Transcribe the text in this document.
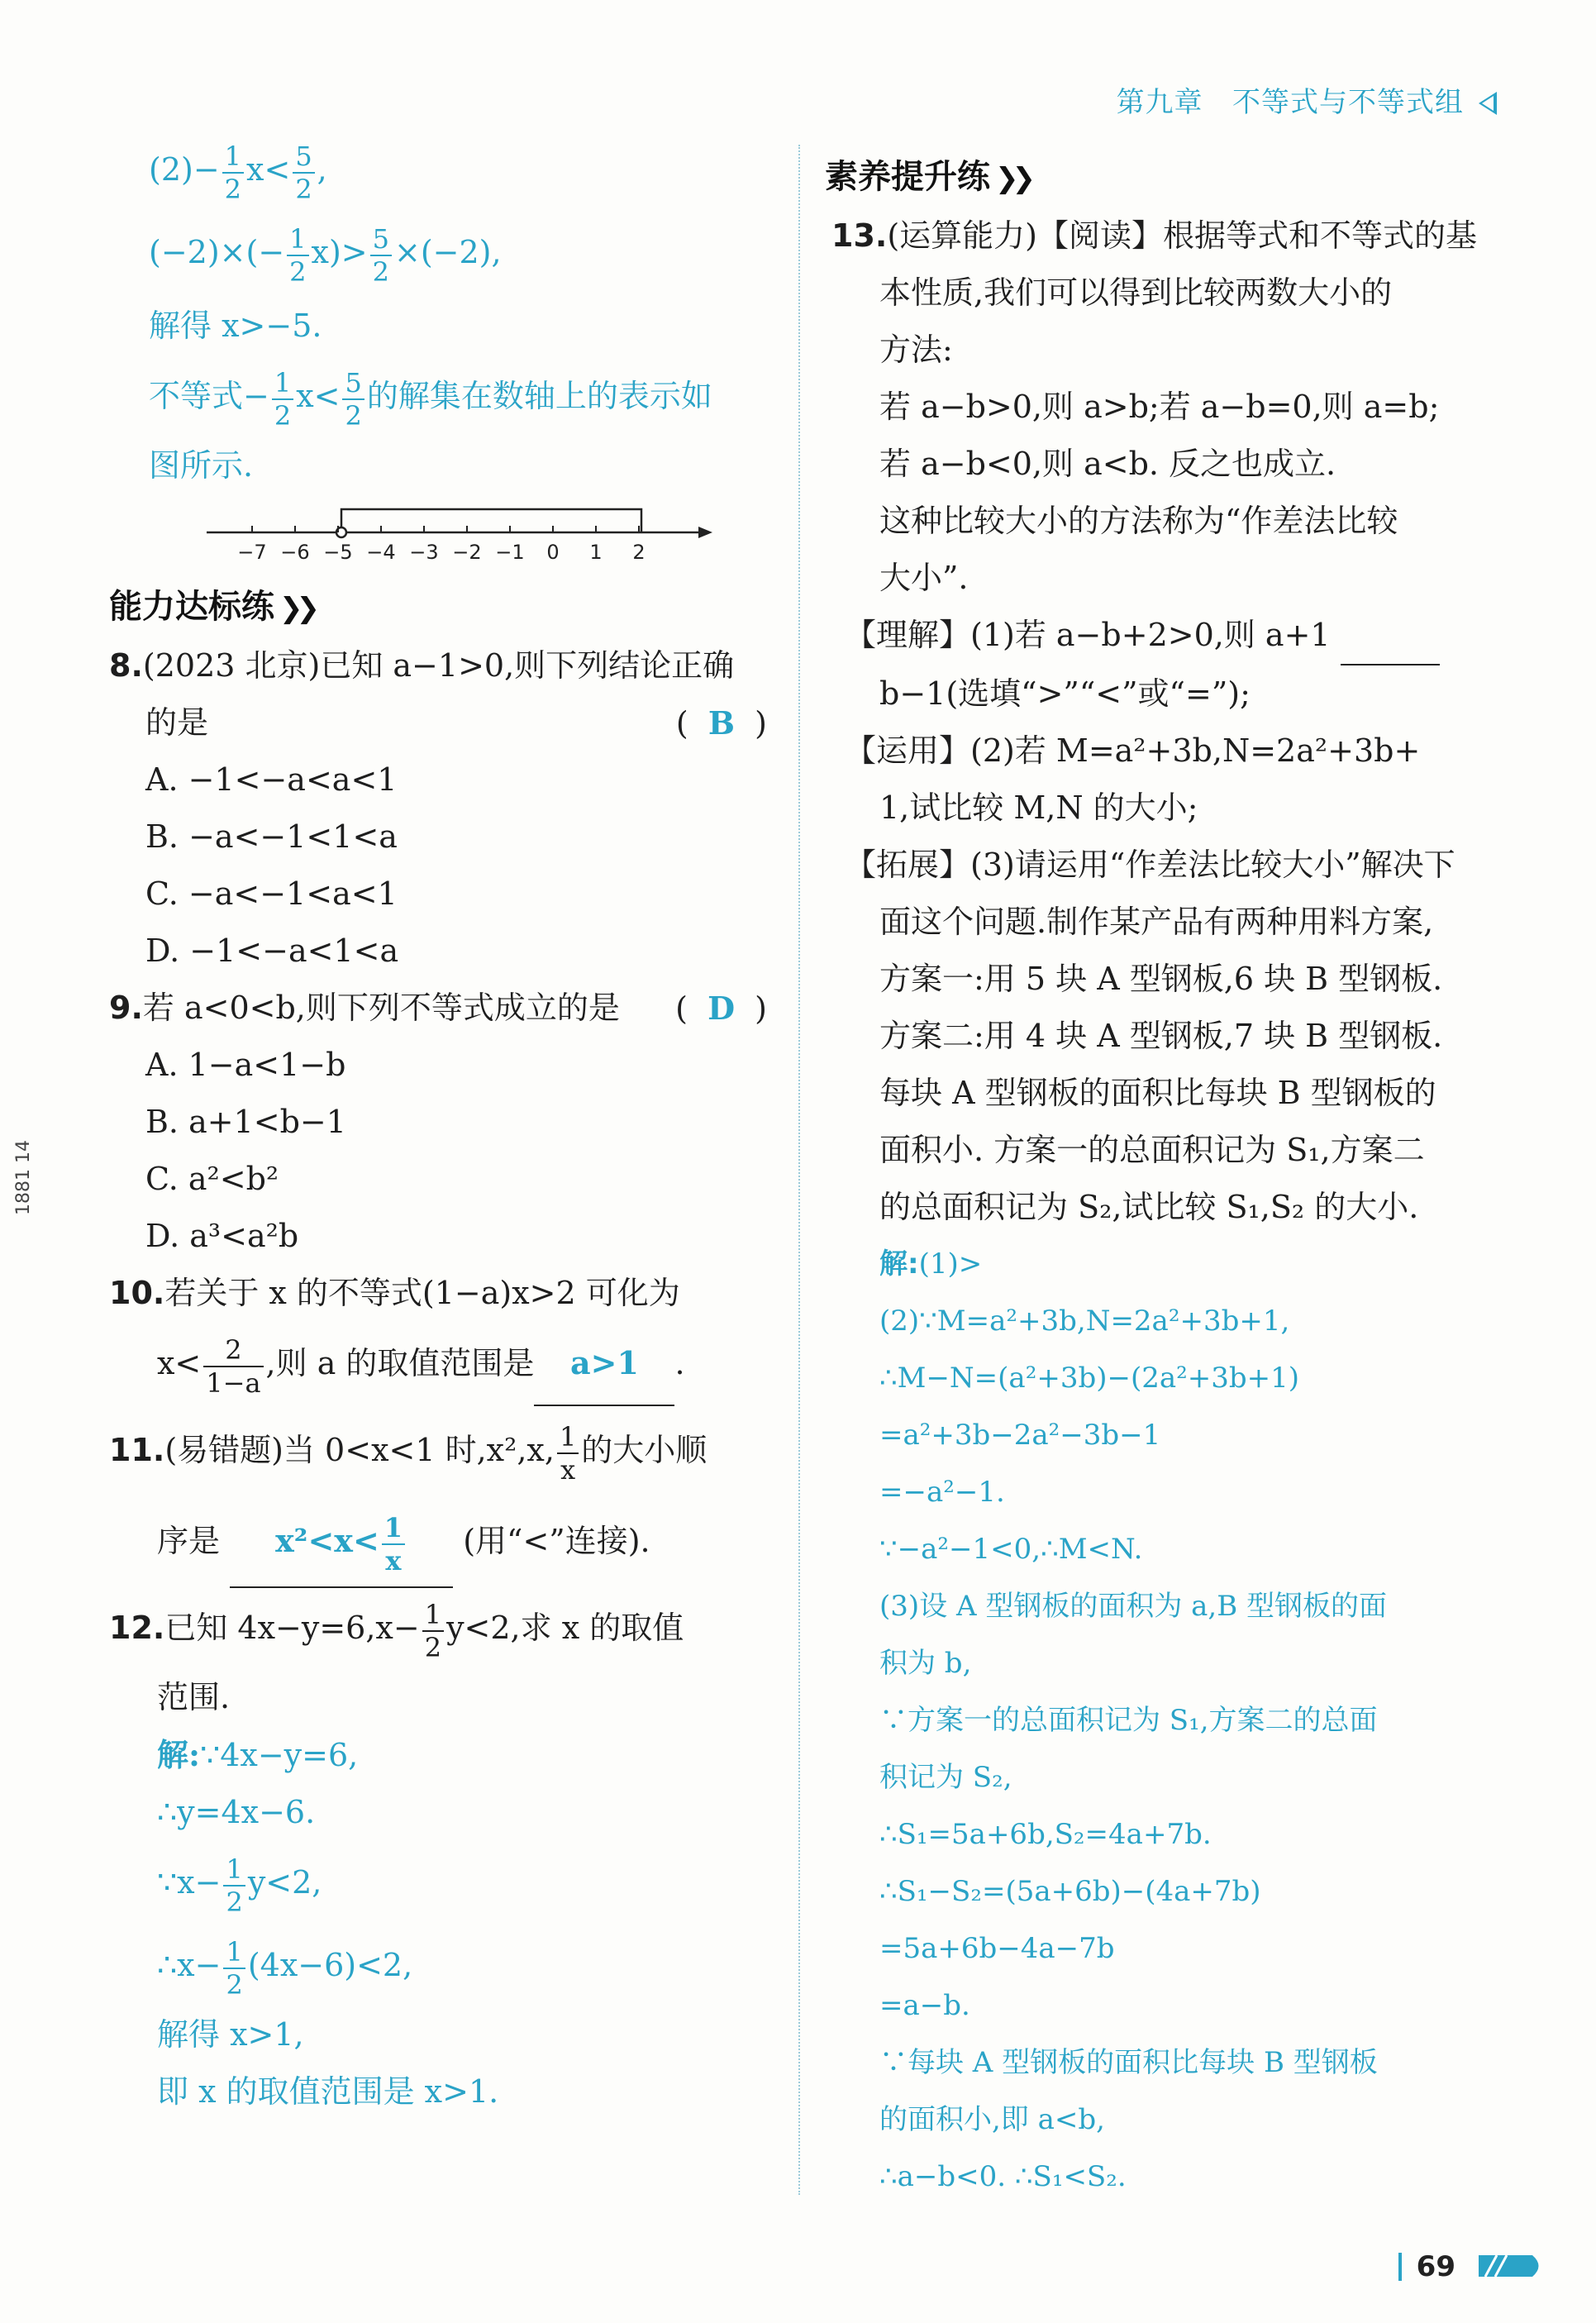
第九章 不等式与不等式组
1881 14
$(2)- \frac{1}{2} x< \frac{5}{2}$ ,
$(-2)\times(- \frac{1}{2} x)> \frac{5}{2} \times(-2)$,
解得 x>−5.
不等式− $\frac{1}{2} x< \frac{5}{2}$ 的解集在数轴上的表示如
图所示.
−7 −6 −5 −4 −3 −2 −1 0 1 2
能力达标练 ❯❯
8.(2023 北京)已知 a−1>0,则下列结论正确
的是	(  B  )
A. −1<−a<a<1
B. −a<−1<1<a
C. −a<−1<a<1
D. −1<−a<1<a
9.若 a<0<b,则下列不等式成立的是 (  D  )
A. 1−a<1−b
B. a+1<b−1
C. a²<b²
D. a³<a²b
10.若关于 x 的不等式(1−a)x>2 可化为
$x< \frac{2}{1-a}$ ,则 a 的取值范围是 a>1 .
11.(易错题)当 0<x<1 时,x²,x, $\frac{1}{x}$ 的大小顺
序是 $x^2<x< \frac{1}{x}$ (用“<”连接).
12.已知 $4x-y=6,x- \frac{1}{2} y<2$,求 x 的取值
范围.
解:∵4x−y=6,
∴y=4x−6.
∵x− $\frac{1}{2} y<2$,
∴x− $\frac{1}{2} (4x-6)<2$,
解得 x>1,
即 x 的取值范围是 x>1.
素养提升练 ❯❯
13.(运算能力)【阅读】根据等式和不等式的基
本性质,我们可以得到比较两数大小的
方法:
若 a−b>0,则 a>b;若 a−b=0,则 a=b;
若 a−b<0,则 a<b. 反之也成立.
这种比较大小的方法称为“作差法比较
大小”.
【理解】(1)若 a−b+2>0,则 a+1
b−1(选填“>”“<”或“=”);
【运用】(2)若 M=a²+3b,N=2a²+3b+
1,试比较 M,N 的大小;
【拓展】(3)请运用“作差法比较大小”解决下
面这个问题.制作某产品有两种用料方案,
方案一:用 5 块 A 型钢板,6 块 B 型钢板.
方案二:用 4 块 A 型钢板,7 块 B 型钢板.
每块 A 型钢板的面积比每块 B 型钢板的
面积小. 方案一的总面积记为 S₁,方案二
的总面积记为 S₂,试比较 S₁,S₂ 的大小.
解:(1)>
(2)∵M=a²+3b,N=2a²+3b+1,
∴M−N=(a²+3b)−(2a²+3b+1)
=a²+3b−2a²−3b−1
=−a²−1.
∵−a²−1<0,∴M<N.
(3)设 A 型钢板的面积为 a,B 型钢板的面
积为 b,
∵方案一的总面积记为 S₁,方案二的总面
积记为 S₂,
∴S₁=5a+6b,S₂=4a+7b.
∴S₁−S₂=(5a+6b)−(4a+7b)
=5a+6b−4a−7b
=a−b.
∵每块 A 型钢板的面积比每块 B 型钢板
的面积小,即 a<b,
∴a−b<0. ∴S₁<S₂.
69
